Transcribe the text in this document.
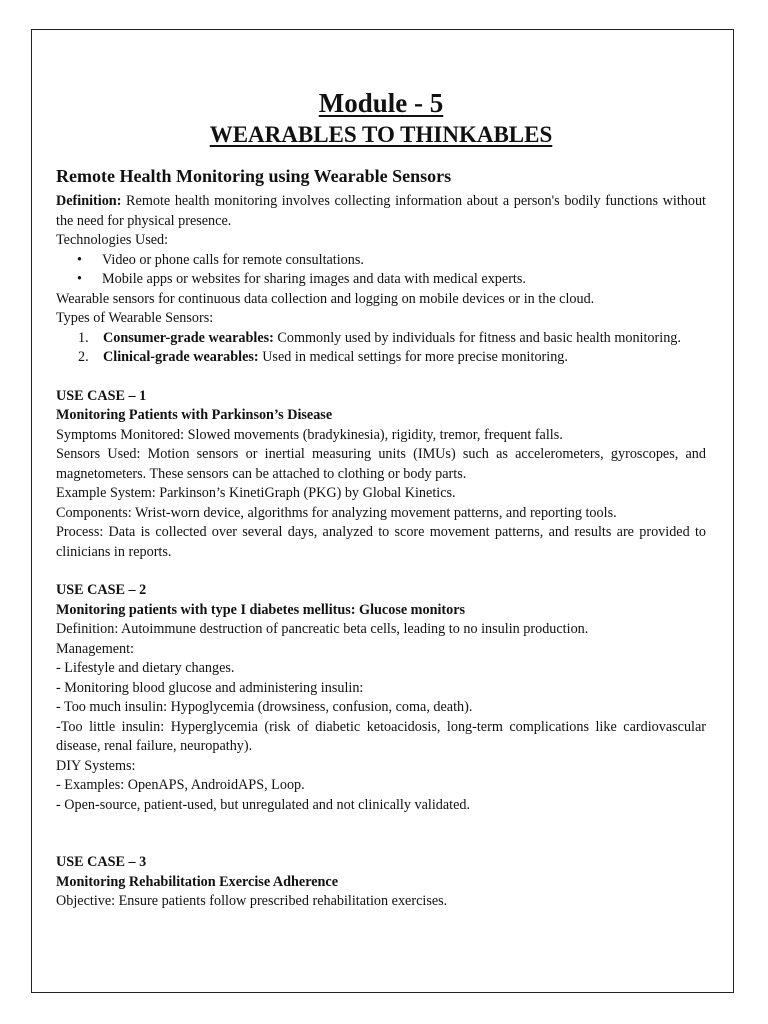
Module - 5
WEARABLES TO THINKABLES
Remote Health Monitoring using Wearable Sensors

Definition: Remote health monitoring involves collecting information about a person's bodily functions without the need for physical presence.

Technologies Used:

• Video or phone calls for remote consultations.
• Mobile apps or websites for sharing images and data with medical experts.

Wearable sensors for continuous data collection and logging on mobile devices or in the cloud.

Types of Wearable Sensors:

1. Consumer-grade wearables: Commonly used by individuals for fitness and basic health monitoring.
2. Clinical-grade wearables: Used in medical settings for more precise monitoring.

USE CASE – 1

Monitoring Patients with Parkinson’s Disease

Symptoms Monitored: Slowed movements (bradykinesia), rigidity, tremor, frequent falls.

Sensors Used: Motion sensors or inertial measuring units (IMUs) such as accelerometers, gyroscopes, and magnetometers. These sensors can be attached to clothing or body parts.

Example System: Parkinson’s KinetiGraph (PKG) by Global Kinetics.

Components: Wrist-worn device, algorithms for analyzing movement patterns, and reporting tools.

Process: Data is collected over several days, analyzed to score movement patterns, and results are provided to clinicians in reports.

USE CASE – 2

Monitoring patients with type I diabetes mellitus: Glucose monitors

Definition: Autoimmune destruction of pancreatic beta cells, leading to no insulin production.

Management:

- Lifestyle and dietary changes.

- Monitoring blood glucose and administering insulin:

- Too much insulin: Hypoglycemia (drowsiness, confusion, coma, death).

-Too little insulin: Hyperglycemia (risk of diabetic ketoacidosis, long-term complications like cardiovascular disease, renal failure, neuropathy).

DIY Systems:

- Examples: OpenAPS, AndroidAPS, Loop.

- Open-source, patient-used, but unregulated and not clinically validated.

USE CASE – 3

Monitoring Rehabilitation Exercise Adherence

Objective: Ensure patients follow prescribed rehabilitation exercises.
